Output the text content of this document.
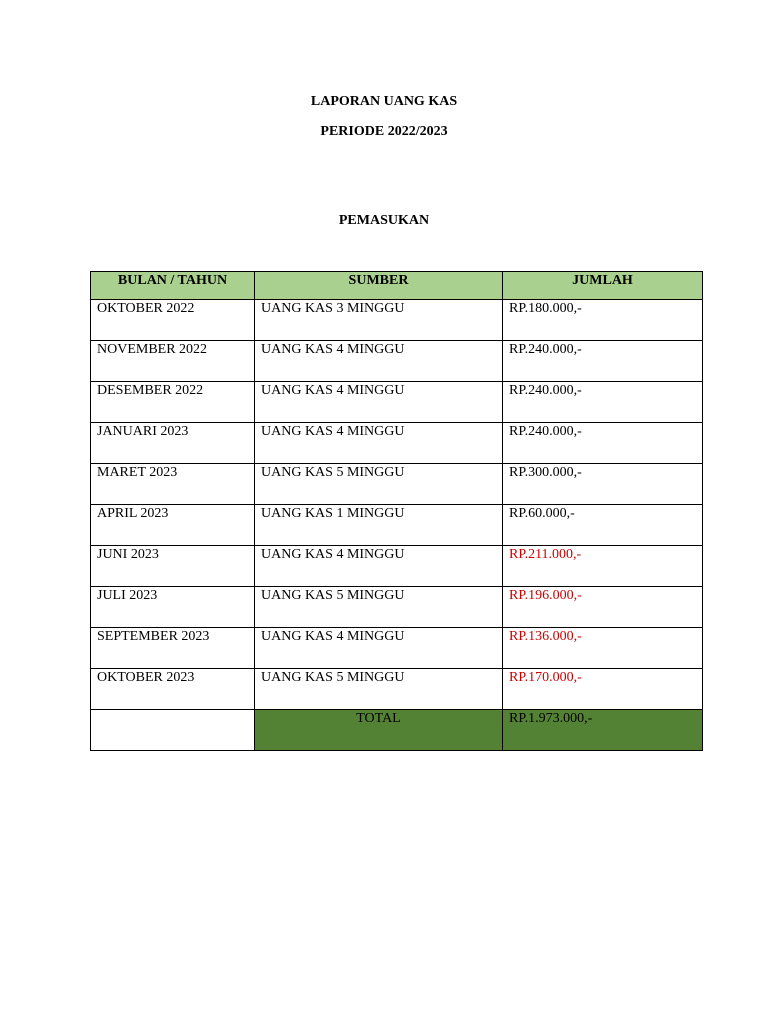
LAPORAN UANG KAS
PERIODE 2022/2023
PEMASUKAN
BULAN / TAHUN	SUMBER	JUMLAH
OKTOBER 2022	UANG KAS 3 MINGGU	RP.180.000,-
NOVEMBER 2022	UANG KAS 4 MINGGU	RP.240.000,-
DESEMBER 2022	UANG KAS 4 MINGGU	RP.240.000,-
JANUARI 2023	UANG KAS 4 MINGGU	RP.240.000,-
MARET 2023	UANG KAS 5 MINGGU	RP.300.000,-
APRIL 2023	UANG KAS 1 MINGGU	RP.60.000,-
JUNI 2023	UANG KAS 4 MINGGU	RP.211.000,-
JULI 2023	UANG KAS 5 MINGGU	RP.196.000,-
SEPTEMBER 2023	UANG KAS 4 MINGGU	RP.136.000,-
OKTOBER 2023	UANG KAS 5 MINGGU	RP.170.000,-
	TOTAL	RP.1.973.000,-
